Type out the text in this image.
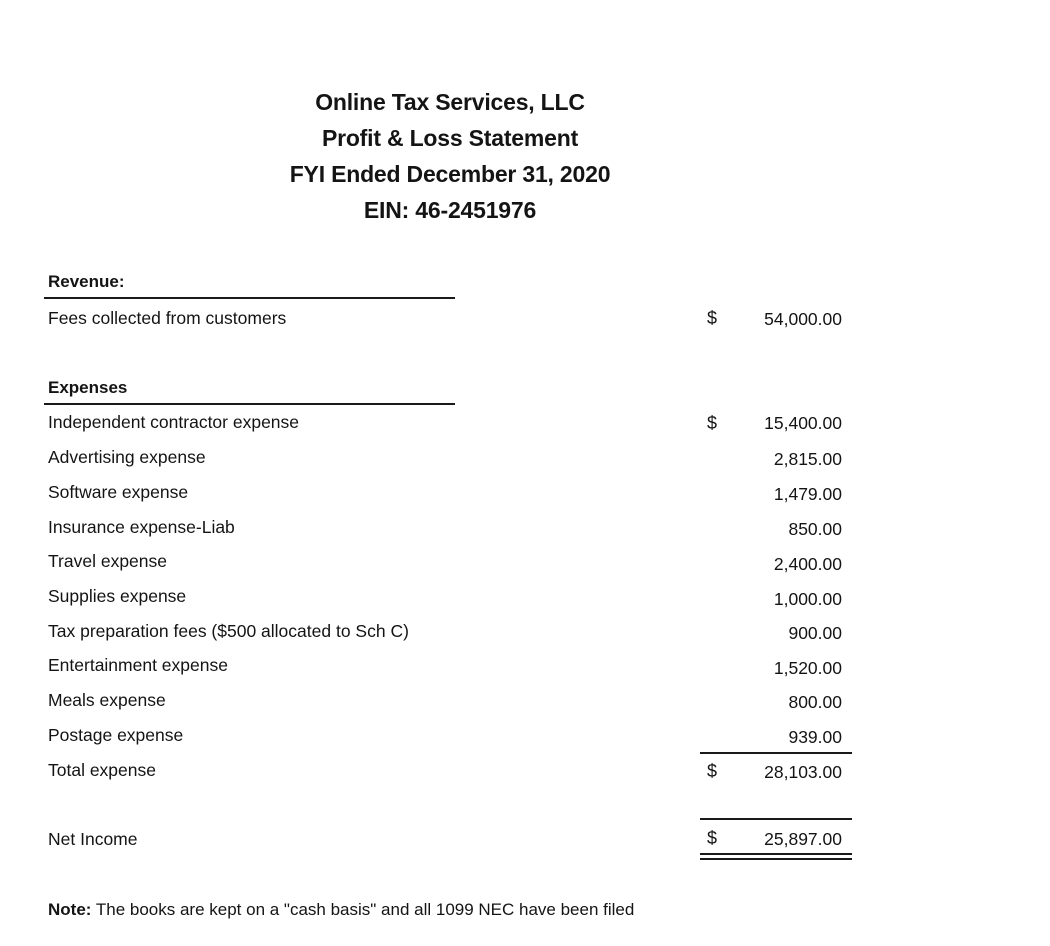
Online Tax Services, LLC
Profit & Loss Statement
FYI Ended December 31, 2020
EIN: 46-2451976
Revenue:
Fees collected from customers	$	54,000.00
Expenses
Independent contractor expense	$	15,400.00
Advertising expense	2,815.00
Software expense	1,479.00
Insurance expense-Liab	850.00
Travel expense	2,400.00
Supplies expense	1,000.00
Tax preparation fees ($500 allocated to Sch C)	900.00
Entertainment expense	1,520.00
Meals expense	800.00
Postage expense	939.00
Total expense	$	28,103.00
Net Income	$	25,897.00
Note: The books are kept on a "cash basis" and all 1099 NEC have been filed
